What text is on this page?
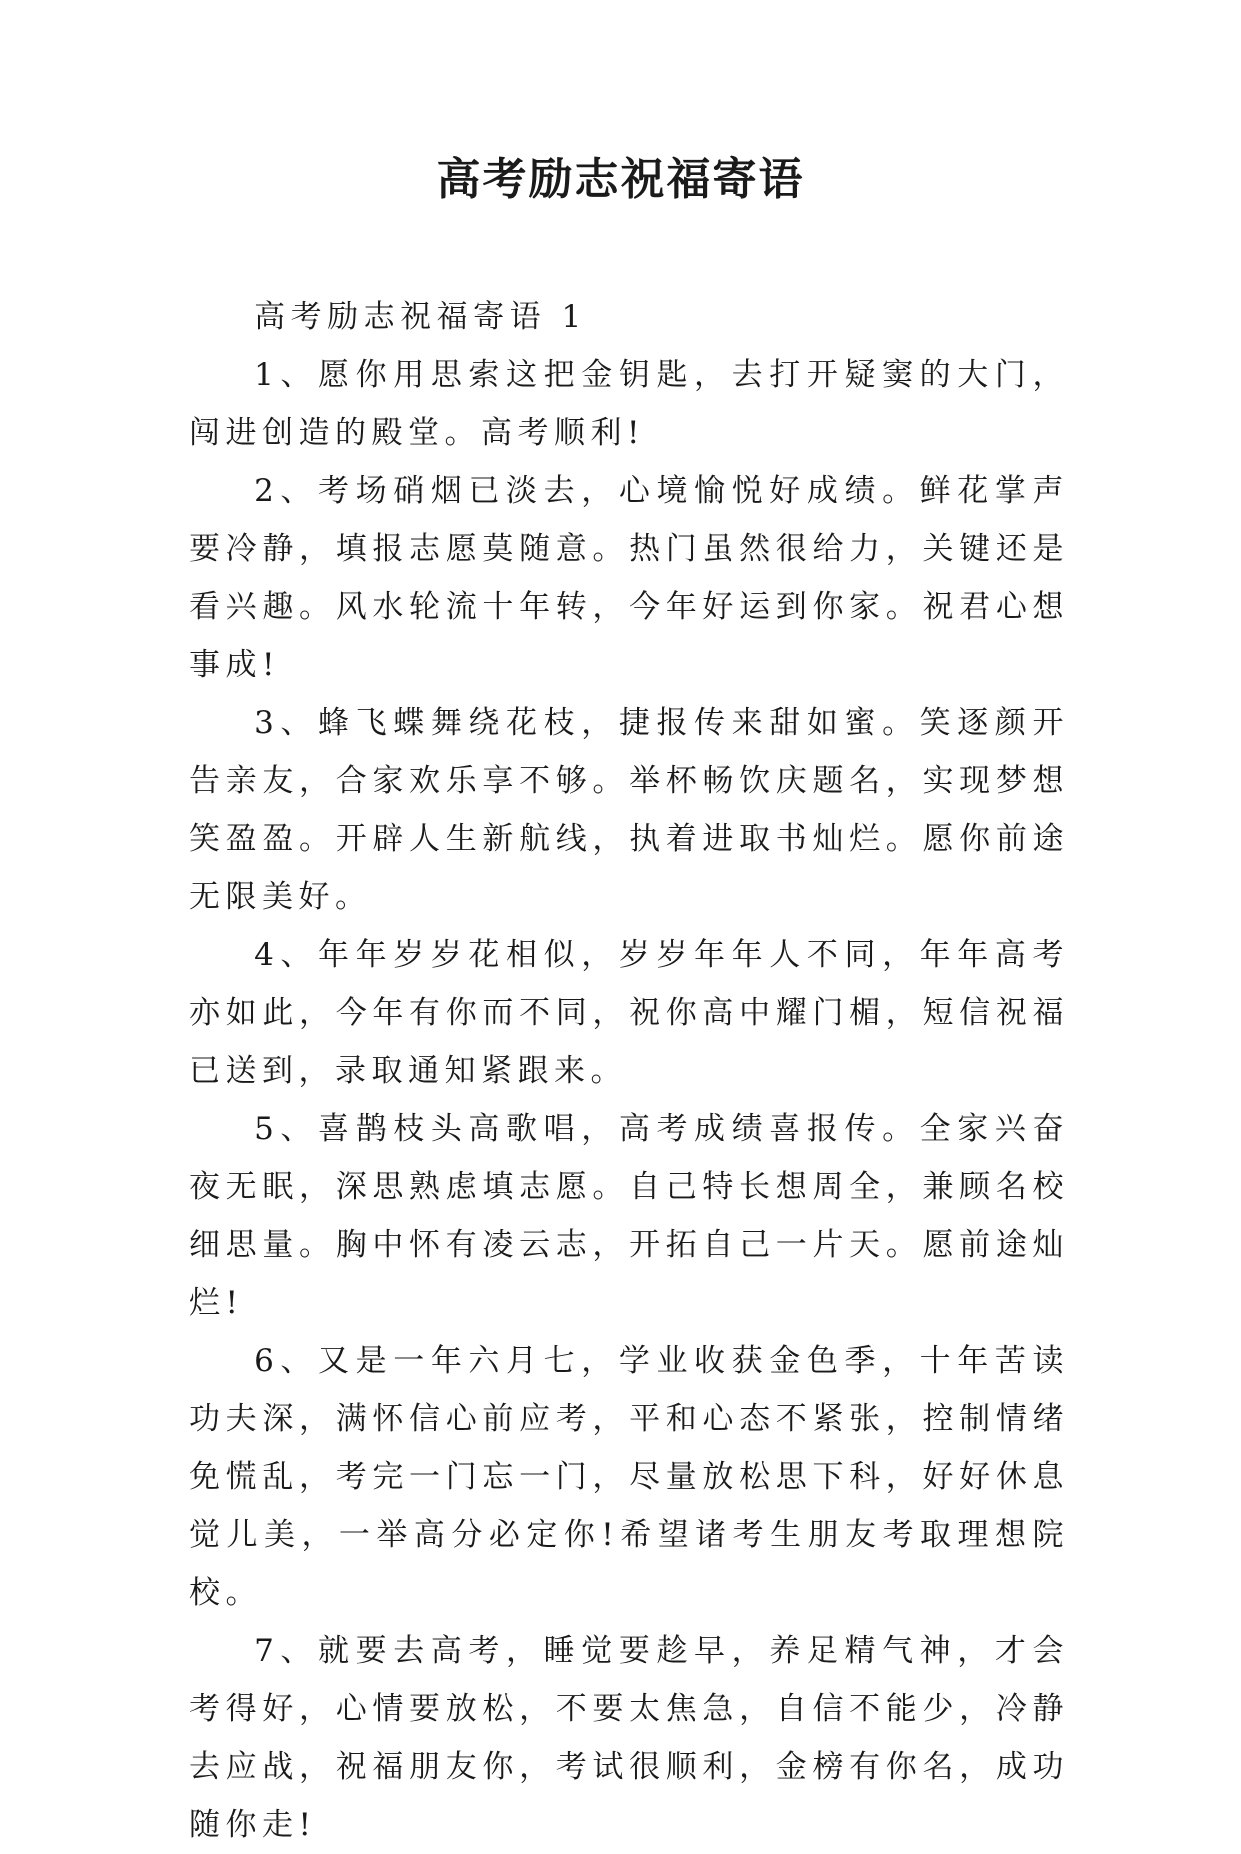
高考励志祝福寄语

高考励志祝福寄语 1

1、愿你用思索这把金钥匙，去打开疑窦的大门，闯进创造的殿堂。高考顺利!

2、考场硝烟已淡去，心境愉悦好成绩。鲜花掌声要冷静，填报志愿莫随意。热门虽然很给力，关键还是看兴趣。风水轮流十年转，今年好运到你家。祝君心想事成!

3、蜂飞蝶舞绕花枝，捷报传来甜如蜜。笑逐颜开告亲友，合家欢乐享不够。举杯畅饮庆题名，实现梦想笑盈盈。开辟人生新航线，执着进取书灿烂。愿你前途无限美好。

4、年年岁岁花相似，岁岁年年人不同，年年高考亦如此，今年有你而不同，祝你高中耀门楣，短信祝福已送到，录取通知紧跟来。

5、喜鹊枝头高歌唱，高考成绩喜报传。全家兴奋夜无眠，深思熟虑填志愿。自己特长想周全，兼顾名校细思量。胸中怀有凌云志，开拓自己一片天。愿前途灿烂!

6、又是一年六月七，学业收获金色季，十年苦读功夫深，满怀信心前应考，平和心态不紧张，控制情绪免慌乱，考完一门忘一门，尽量放松思下科，好好休息觉儿美，一举高分必定你!希望诸考生朋友考取理想院校。

7、就要去高考，睡觉要趁早，养足精气神，才会考得好，心情要放松，不要太焦急，自信不能少，冷静去应战，祝福朋友你，考试很顺利，金榜有你名，成功随你走!
